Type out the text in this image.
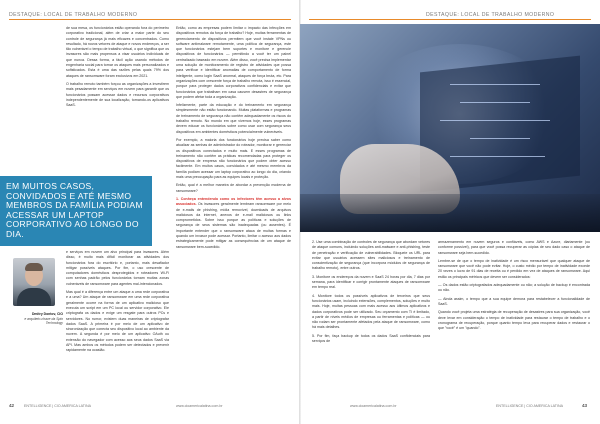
DESTAQUE: LOCAL DE TRABALHO MODERNO

de sua mesa, os funcionários estão operando fora do perímetro corporativo tradicional, além de criar a maior parte do seu controle de segurança já mais eficazes e concentrados. Como resultado, há novos vetores de ataque e novos endereços, a ser tão vulnerável o tempo de trabalho virtual, o que significa que os invasores são mais propensos a visar usuários individuais de que nunca. Dessa forma, a fácil ação usando métodos de engenharia social para tornar os ataques mais personalizados e sofisticados. Esta é uma das razões pelas quais 79% dos ataques de ransomware foram exclusivos em 2021.

O trabalho remoto também forçou as organizações a investirem mais pesadamente em serviços em nuvem para garantir que os funcionários possam acessar dados e recursos corporativos independentemente de sua localização, tornando-os aplicativos SaaS.

Então, como as empresas podem limitar o impacto das infecções em dispositivos remotos da força de trabalho? Hoje, muitas ferramentas de gerenciamento de dispositivos permitem que você instale VPNs ou software antimalware remotamente, uma política de segurança, este que funcionários estejam bem suportes e monitore e gerencie dispositivos de funcionários — permitindo a você ter um painel centralizado baseado em nuvem. Além disso, você precisa implementar uma solução de monitoramento de registro de atividades que possa para verificar e identificar anomalias de comportamento de forma inteligente, como login SaaS anormal, ataques de força bruta, etc. Para organizações com crescente força de trabalho remota, isso é essencial, porque para proteger dados corporativos confidenciais e evitar que funcionários que trabalham em casa causem desastres de segurança que podem afetar toda a organização.

Infelizmente, parte da educação e do treinamento em segurança simplesmente não estão funcionando. Muitas plataformas e programas de treinamento de segurança não contêm adequadamente os riscos do trabalho remoto. No mundo em que vivemos hoje, esses programas devem educar os funcionários sobre como usar com segurança seus dispositivos em ambientes domésticos potencialmente vulneráveis.

Por exemplo, a maioria dos funcionários hoje precisa saber como atualizar as senhas de administrador do roteador, monitorar e gerenciar os dispositivos conectados e muito mais. E esses programas de treinamento não contêm as práticas recomendadas para proteger os dispositivos de empresa não funcionários que podem obter acesso facilmente. Em muitos casos, convidados e até mesmo membros da família podiam acessar um laptop corporativo ao longo do dia, criando mais uma preocupação para as equipes locais e proteção.

Então, qual é a melhor maneira de abordar a prevenção moderna de ransomware?

1. Conheça entendendo como os infectores têm acesso a alvos associados. Os invasores geralmente lembram ransomware por meio de e-mails de phishing, mídia removível, downloads de arquivos maliciosos da internet, anexos de e-mail maliciosos ou links comprometidos. Sobre isso porque as políticas e soluções de segurança de seus sistemas são inadequadas (ou ausentes). É importante entender que o ransomware ataca de muitas formas e quando um invasor pode acessar. Portanto, limitar o acesso aos dados estrategicamente pode mitigar as consequências de um ataque de ransomware bem-sucedido.

EM MUITOS CASOS, CONVIDADOS E ATÉ MESMO MEMBROS DA FAMÍLIA PODIAM ACESSAR UM LAPTOP CORPORATIVO AO LONGO DO DIA.
Dmitry Dontov, CIO
e arquiteto-chave da Spin Technology

e serviços em nuvem um alvo principal para invasores. Além disso, é muito mais difícil monitorar as atividades dos funcionários fora do escritório e, portanto, mais desafiador mitigar possíveis ataques. Por fim, o uso crescente de computadores domésticos desprotegidos e roteadores Wi-Fi com senhas padrão pelos funcionários tornam muitas zonas vulneráveis de ransomware para agentes mal-intencionados.

Mas qual é a diferença entre um ataque a uma rede corporativa e a uma? Um ataque de ransomware em uma rede corporativa geralmente ocorre na forma de um aplicativo malicioso que executa um script em um PC local ou servidor corporativo. Ele criptografa os dados e exige um resgate para outros PCs e servidores. No rumor, existem duas maneiras de criptografar dados SaaS. A primeira é por meio de um aplicativo de sincronização que conecta seu dispositivo local ao ambiente da nuvem. A segunda é por meio de um aplicativo OAuth ou extensão do navegador com acesso aos seus dados SaaS via API. Mas ambos os métodos podem ser detectados e prevenir rapidamente na ocasião.

42	ENTELLIGENCE | CIO AMERICA LATINA	www.cioamericalatina.com.br
DESTAQUE: LOCAL DE TRABALHO MODERNO

2. Use uma combinação de controles de segurança que abordam vetores de ataque comuns, incluindo soluções anti-malware e anti-phishing, teste de penetração e verificação de vulnerabilidades. Bloqueie os URL para evitar que usuários acessem sites maliciosos e treinamento de conscientização de segurança (que incorpora módulos de segurança de trabalho remoto), entre outros.

3. Monitore os endereços da nuvem e SaaS 24 horas por dia, 7 dias por semana, para identificar e corrigir prontamente ataques de ransomware em tempo real.

4. Monitore todos os possíveis aplicativos de terceiros que seus funcionários usam, incluindo extensões, complementos, soluções e muito mais. Hoje, muitas pessoas com mais acesso aos últimos aplicativos e dados corporativos pode ser utilizado. Seu orçamento com TI é limitado, a partir de níveis médios de empresas ou ferramentas e políticas — ou não rodam ser prontamente afetados pela ataque de ransomware, como há mais detalhes.

5. Por fim, faça backup de todos os dados SaaS confidenciais para serviços de

armazenamento em nuvem seguros e confiáveis, como AWS e Azure, diariamente (ou conforme possível), para que você possa recuperar as cópias de seu dado caso o ataque de ransomware seja bem-sucedido.

Lembre-se de que o tempo de inatividade é um risco mensurável que qualquer ataque de ransomware que você não pode evitar. Hoje, o custo médio por tempo de inatividade excede 20 vezes o lucro de 91 dias de receita ou é perdido em vez de ataques de ransomware. Aqui estão os principais métricos que devem ser considerados:

— Os dados estão criptografados adequadamente ou não; a solução de backup é encontrada ou não.

— Ainda assim, o tempo que a sua equipe demora para restabelecer a funcionalidade de SaaS.

Quando você projeta uma estratégia de recuperação de desastres para sua organização, você deve levar em consideração o tempo de inatividade para restaurar o tempo de trabalho e o cronograma de recuperação, porque quanto tempo leva para recuperar dados e restaurar o que "você" é um "quando".

www.cioamericalatina.com.br	ENTELLIGENCE | CIO AMERICA LATINA	43
